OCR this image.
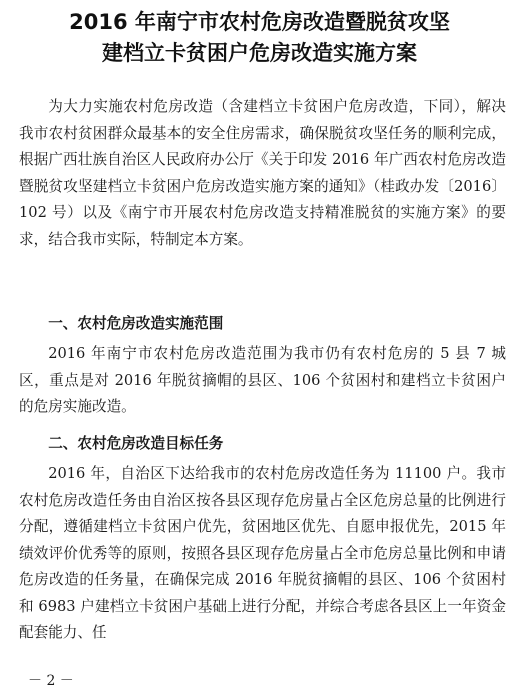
2016 年南宁市农村危房改造暨脱贫攻坚
建档立卡贫困户危房改造实施方案

为大力实施农村危房改造（含建档立卡贫困户危房改造，下同），解决我市农村贫困群众最基本的安全住房需求，确保脱贫攻坚任务的顺利完成，根据广西壮族自治区人民政府办公厅《关于印发 2016 年广西农村危房改造暨脱贫攻坚建档立卡贫困户危房改造实施方案的通知》（桂政办发〔2016〕102 号）以及《南宁市开展农村危房改造支持精准脱贫的实施方案》的要求，结合我市实际，特制定本方案。

一、农村危房改造实施范围

2016 年南宁市农村危房改造范围为我市仍有农村危房的 5 县 7 城区，重点是对 2016 年脱贫摘帽的县区、106 个贫困村和建档立卡贫困户的危房实施改造。

二、农村危房改造目标任务

2016 年，自治区下达给我市的农村危房改造任务为 11100 户。我市农村危房改造任务由自治区按各县区现存危房量占全区危房总量的比例进行分配，遵循建档立卡贫困户优先，贫困地区优先、自愿申报优先，2015 年绩效评价优秀等的原则，按照各县区现存危房量占全市危房总量比例和申请危房改造的任务量，在确保完成 2016 年脱贫摘帽的县区、106 个贫困村和 6983 户建档立卡贫困户基础上进行分配，并综合考虑各县区上一年资金配套能力、任

－ 2 －
